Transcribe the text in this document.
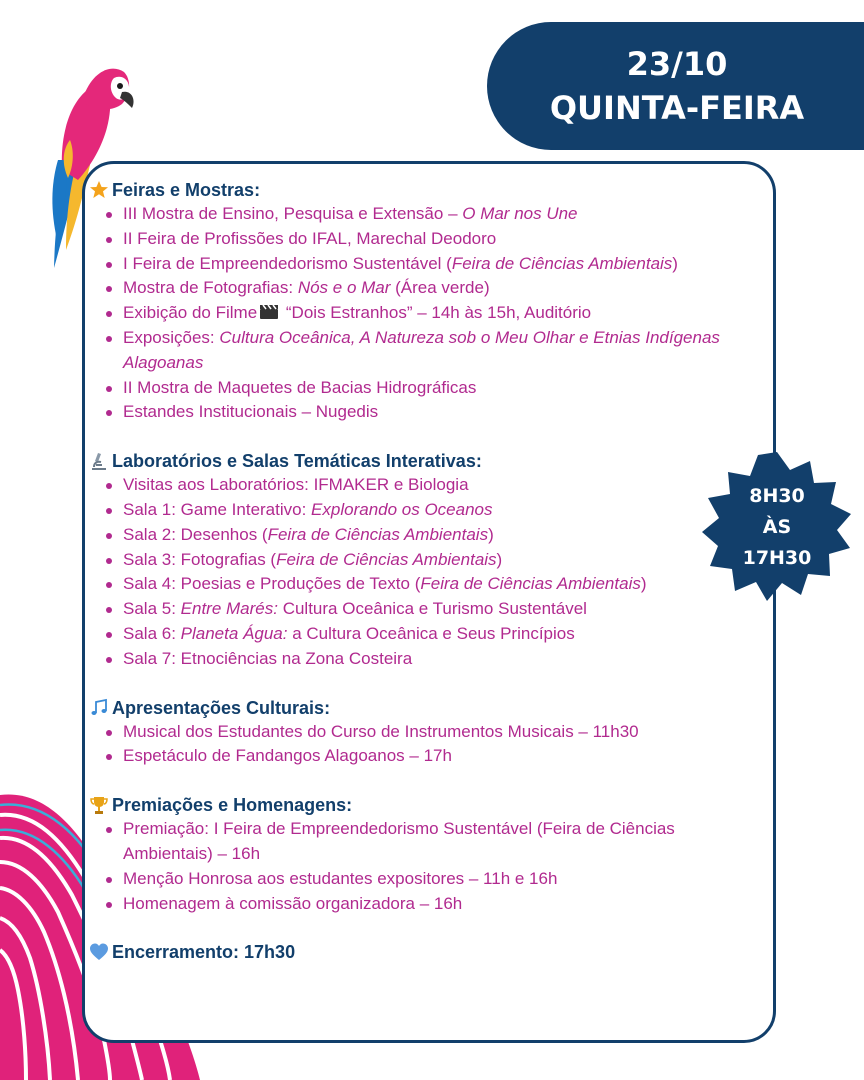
23/10
QUINTA-FEIRA
8H30
ÀS
17H30
Feiras e Mostras:
III Mostra de Ensino, Pesquisa e Extensão – O Mar nos Une
II Feira de Profissões do IFAL, Marechal Deodoro
I Feira de Empreendedorismo Sustentável (Feira de Ciências Ambientais)
Mostra de Fotografias: Nós e o Mar (Área verde)
Exibição do Filme “Dois Estranhos” – 14h às 15h, Auditório
Exposições: Cultura Oceânica, A Natureza sob o Meu Olhar e Etnias Indígenas Alagoanas
II Mostra de Maquetes de Bacias Hidrográficas
Estandes Institucionais – Nugedis
Laboratórios e Salas Temáticas Interativas:
Visitas aos Laboratórios: IFMAKER e Biologia
Sala 1: Game Interativo: Explorando os Oceanos
Sala 2: Desenhos (Feira de Ciências Ambientais)
Sala 3: Fotografias (Feira de Ciências Ambientais)
Sala 4: Poesias e Produções de Texto (Feira de Ciências Ambientais)
Sala 5: Entre Marés: Cultura Oceânica e Turismo Sustentável
Sala 6: Planeta Água: a Cultura Oceânica e Seus Princípios
Sala 7: Etnociências na Zona Costeira
Apresentações Culturais:
Musical dos Estudantes do Curso de Instrumentos Musicais – 11h30
Espetáculo de Fandangos Alagoanos – 17h
Premiações e Homenagens:
Premiação: I Feira de Empreendedorismo Sustentável (Feira de Ciências Ambientais) – 16h
Menção Honrosa aos estudantes expositores – 11h e 16h
Homenagem à comissão organizadora – 16h
Encerramento: 17h30
